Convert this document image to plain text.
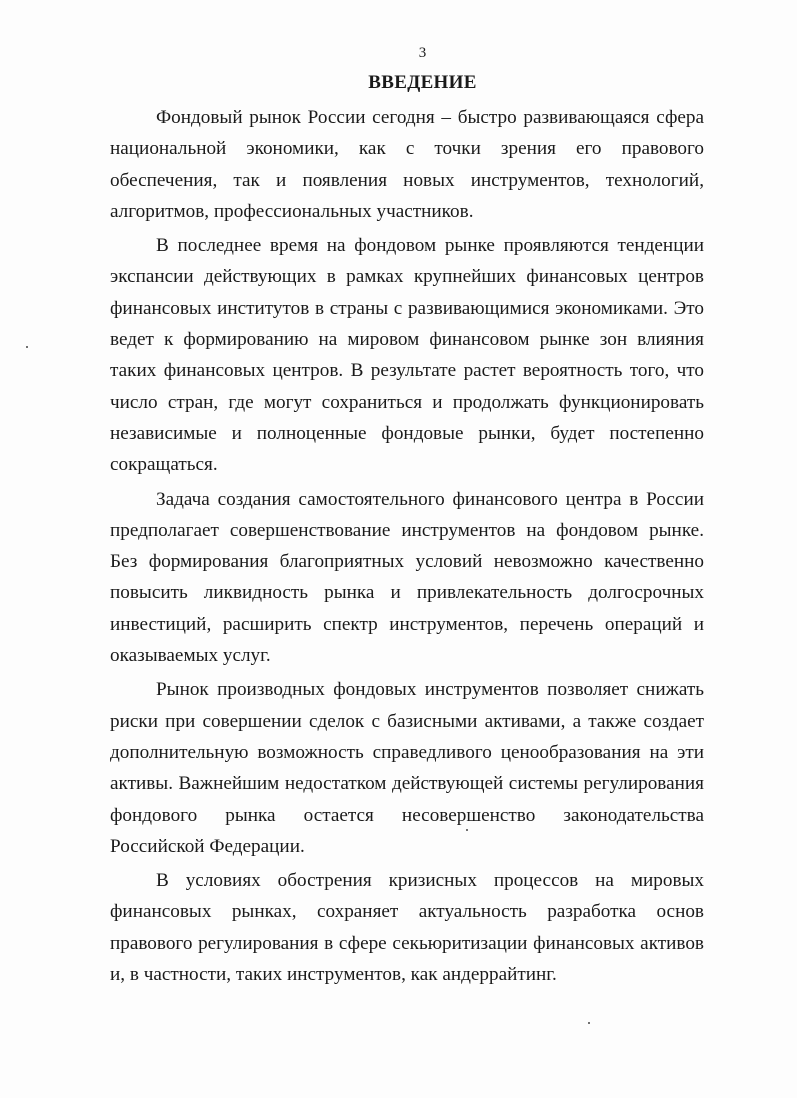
3
ВВЕДЕНИЕ

Фондовый рынок России сегодня – быстро развивающаяся сфера национальной экономики, как с точки зрения его правового обеспечения, так и появления новых инструментов, технологий, алгоритмов, профессиональных участников.

В последнее время на фондовом рынке проявляются тенденции экспансии действующих в рамках крупнейших финансовых центров финансовых институтов в страны с развивающимися экономиками. Это ведет к формированию на мировом финансовом рынке зон влияния таких финансовых центров. В результате растет вероятность того, что число стран, где могут сохраниться и продолжать функционировать независимые и полноценные фондовые рынки, будет постепенно сокращаться.

Задача создания самостоятельного финансового центра в России предполагает совершенствование инструментов на фондовом рынке. Без формирования благоприятных условий невозможно качественно повысить ликвидность рынка и привлекательность долгосрочных инвестиций, расширить спектр инструментов, перечень операций и оказываемых услуг.

Рынок производных фондовых инструментов позволяет снижать риски при совершении сделок с базисными активами, а также создает дополнительную возможность справедливого ценообразования на эти активы. Важнейшим недостатком действующей системы регулирования фондового рынка остается несовершенство законодательства Российской Федерации.

В условиях обострения кризисных процессов на мировых финансовых рынках, сохраняет актуальность разработка основ правового регулирования в сфере секьюритизации финансовых активов и, в частности, таких инструментов, как андеррайтинг.
